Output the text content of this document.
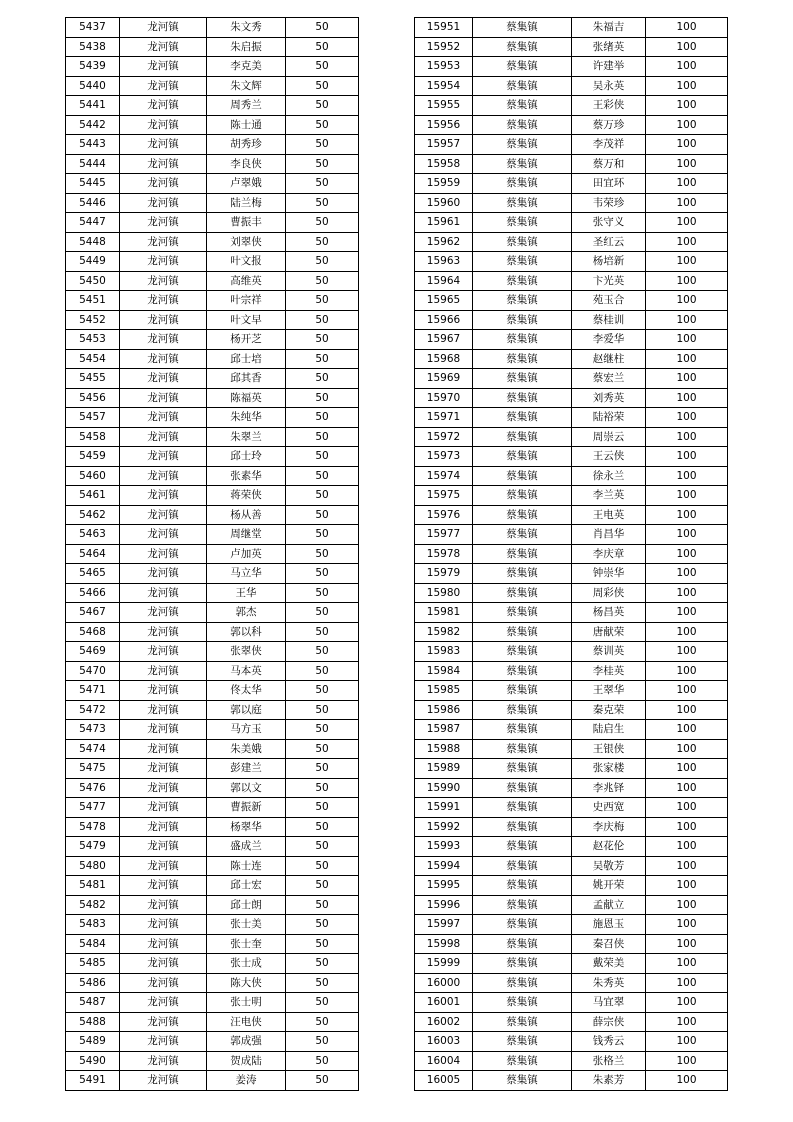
5437	龙河镇	朱文秀	50
5438	龙河镇	朱启振	50
5439	龙河镇	李克美	50
5440	龙河镇	朱文辉	50
5441	龙河镇	周秀兰	50
5442	龙河镇	陈士通	50
5443	龙河镇	胡秀珍	50
5444	龙河镇	李良侠	50
5445	龙河镇	卢翠娥	50
5446	龙河镇	陆兰梅	50
5447	龙河镇	曹振丰	50
5448	龙河镇	刘翠侠	50
5449	龙河镇	叶文报	50
5450	龙河镇	高维英	50
5451	龙河镇	叶宗祥	50
5452	龙河镇	叶文早	50
5453	龙河镇	杨开芝	50
5454	龙河镇	邱士培	50
5455	龙河镇	邱其香	50
5456	龙河镇	陈福英	50
5457	龙河镇	朱纯华	50
5458	龙河镇	朱翠兰	50
5459	龙河镇	邱士玲	50
5460	龙河镇	张素华	50
5461	龙河镇	蒋荣侠	50
5462	龙河镇	杨从善	50
5463	龙河镇	周继堂	50
5464	龙河镇	卢加英	50
5465	龙河镇	马立华	50
5466	龙河镇	王华	50
5467	龙河镇	郭杰	50
5468	龙河镇	郭以科	50
5469	龙河镇	张翠侠	50
5470	龙河镇	马本英	50
5471	龙河镇	佟太华	50
5472	龙河镇	郭以庭	50
5473	龙河镇	马方玉	50
5474	龙河镇	朱美娥	50
5475	龙河镇	彭建兰	50
5476	龙河镇	郭以文	50
5477	龙河镇	曹振新	50
5478	龙河镇	杨翠华	50
5479	龙河镇	盛成兰	50
5480	龙河镇	陈士连	50
5481	龙河镇	邱士宏	50
5482	龙河镇	邱士朗	50
5483	龙河镇	张士美	50
5484	龙河镇	张士奎	50
5485	龙河镇	张士成	50
5486	龙河镇	陈大侠	50
5487	龙河镇	张士明	50
5488	龙河镇	汪电侠	50
5489	龙河镇	郭成强	50
5490	龙河镇	贺成陆	50
5491	龙河镇	姜涛	50
15951	蔡集镇	朱福吉	100
15952	蔡集镇	张绪英	100
15953	蔡集镇	许建举	100
15954	蔡集镇	吴永英	100
15955	蔡集镇	王彩侠	100
15956	蔡集镇	蔡万珍	100
15957	蔡集镇	李茂祥	100
15958	蔡集镇	蔡万和	100
15959	蔡集镇	田宜环	100
15960	蔡集镇	韦荣珍	100
15961	蔡集镇	张守义	100
15962	蔡集镇	圣红云	100
15963	蔡集镇	杨培新	100
15964	蔡集镇	卞光英	100
15965	蔡集镇	苑玉合	100
15966	蔡集镇	蔡桂训	100
15967	蔡集镇	李爱华	100
15968	蔡集镇	赵继柱	100
15969	蔡集镇	蔡宏兰	100
15970	蔡集镇	刘秀英	100
15971	蔡集镇	陆裕荣	100
15972	蔡集镇	周崇云	100
15973	蔡集镇	王云侠	100
15974	蔡集镇	徐永兰	100
15975	蔡集镇	李兰英	100
15976	蔡集镇	王电英	100
15977	蔡集镇	肖昌华	100
15978	蔡集镇	李庆章	100
15979	蔡集镇	钟崇华	100
15980	蔡集镇	周彩侠	100
15981	蔡集镇	杨昌英	100
15982	蔡集镇	唐献荣	100
15983	蔡集镇	蔡训英	100
15984	蔡集镇	李桂英	100
15985	蔡集镇	王翠华	100
15986	蔡集镇	秦克荣	100
15987	蔡集镇	陆启生	100
15988	蔡集镇	王银侠	100
15989	蔡集镇	张家楼	100
15990	蔡集镇	李兆铎	100
15991	蔡集镇	史西宽	100
15992	蔡集镇	李庆梅	100
15993	蔡集镇	赵花伦	100
15994	蔡集镇	吴敬芳	100
15995	蔡集镇	姚开荣	100
15996	蔡集镇	孟献立	100
15997	蔡集镇	施恩玉	100
15998	蔡集镇	秦召侠	100
15999	蔡集镇	戴荣美	100
16000	蔡集镇	朱秀英	100
16001	蔡集镇	马宜翠	100
16002	蔡集镇	薛宗侠	100
16003	蔡集镇	钱秀云	100
16004	蔡集镇	张格兰	100
16005	蔡集镇	朱素芳	100
